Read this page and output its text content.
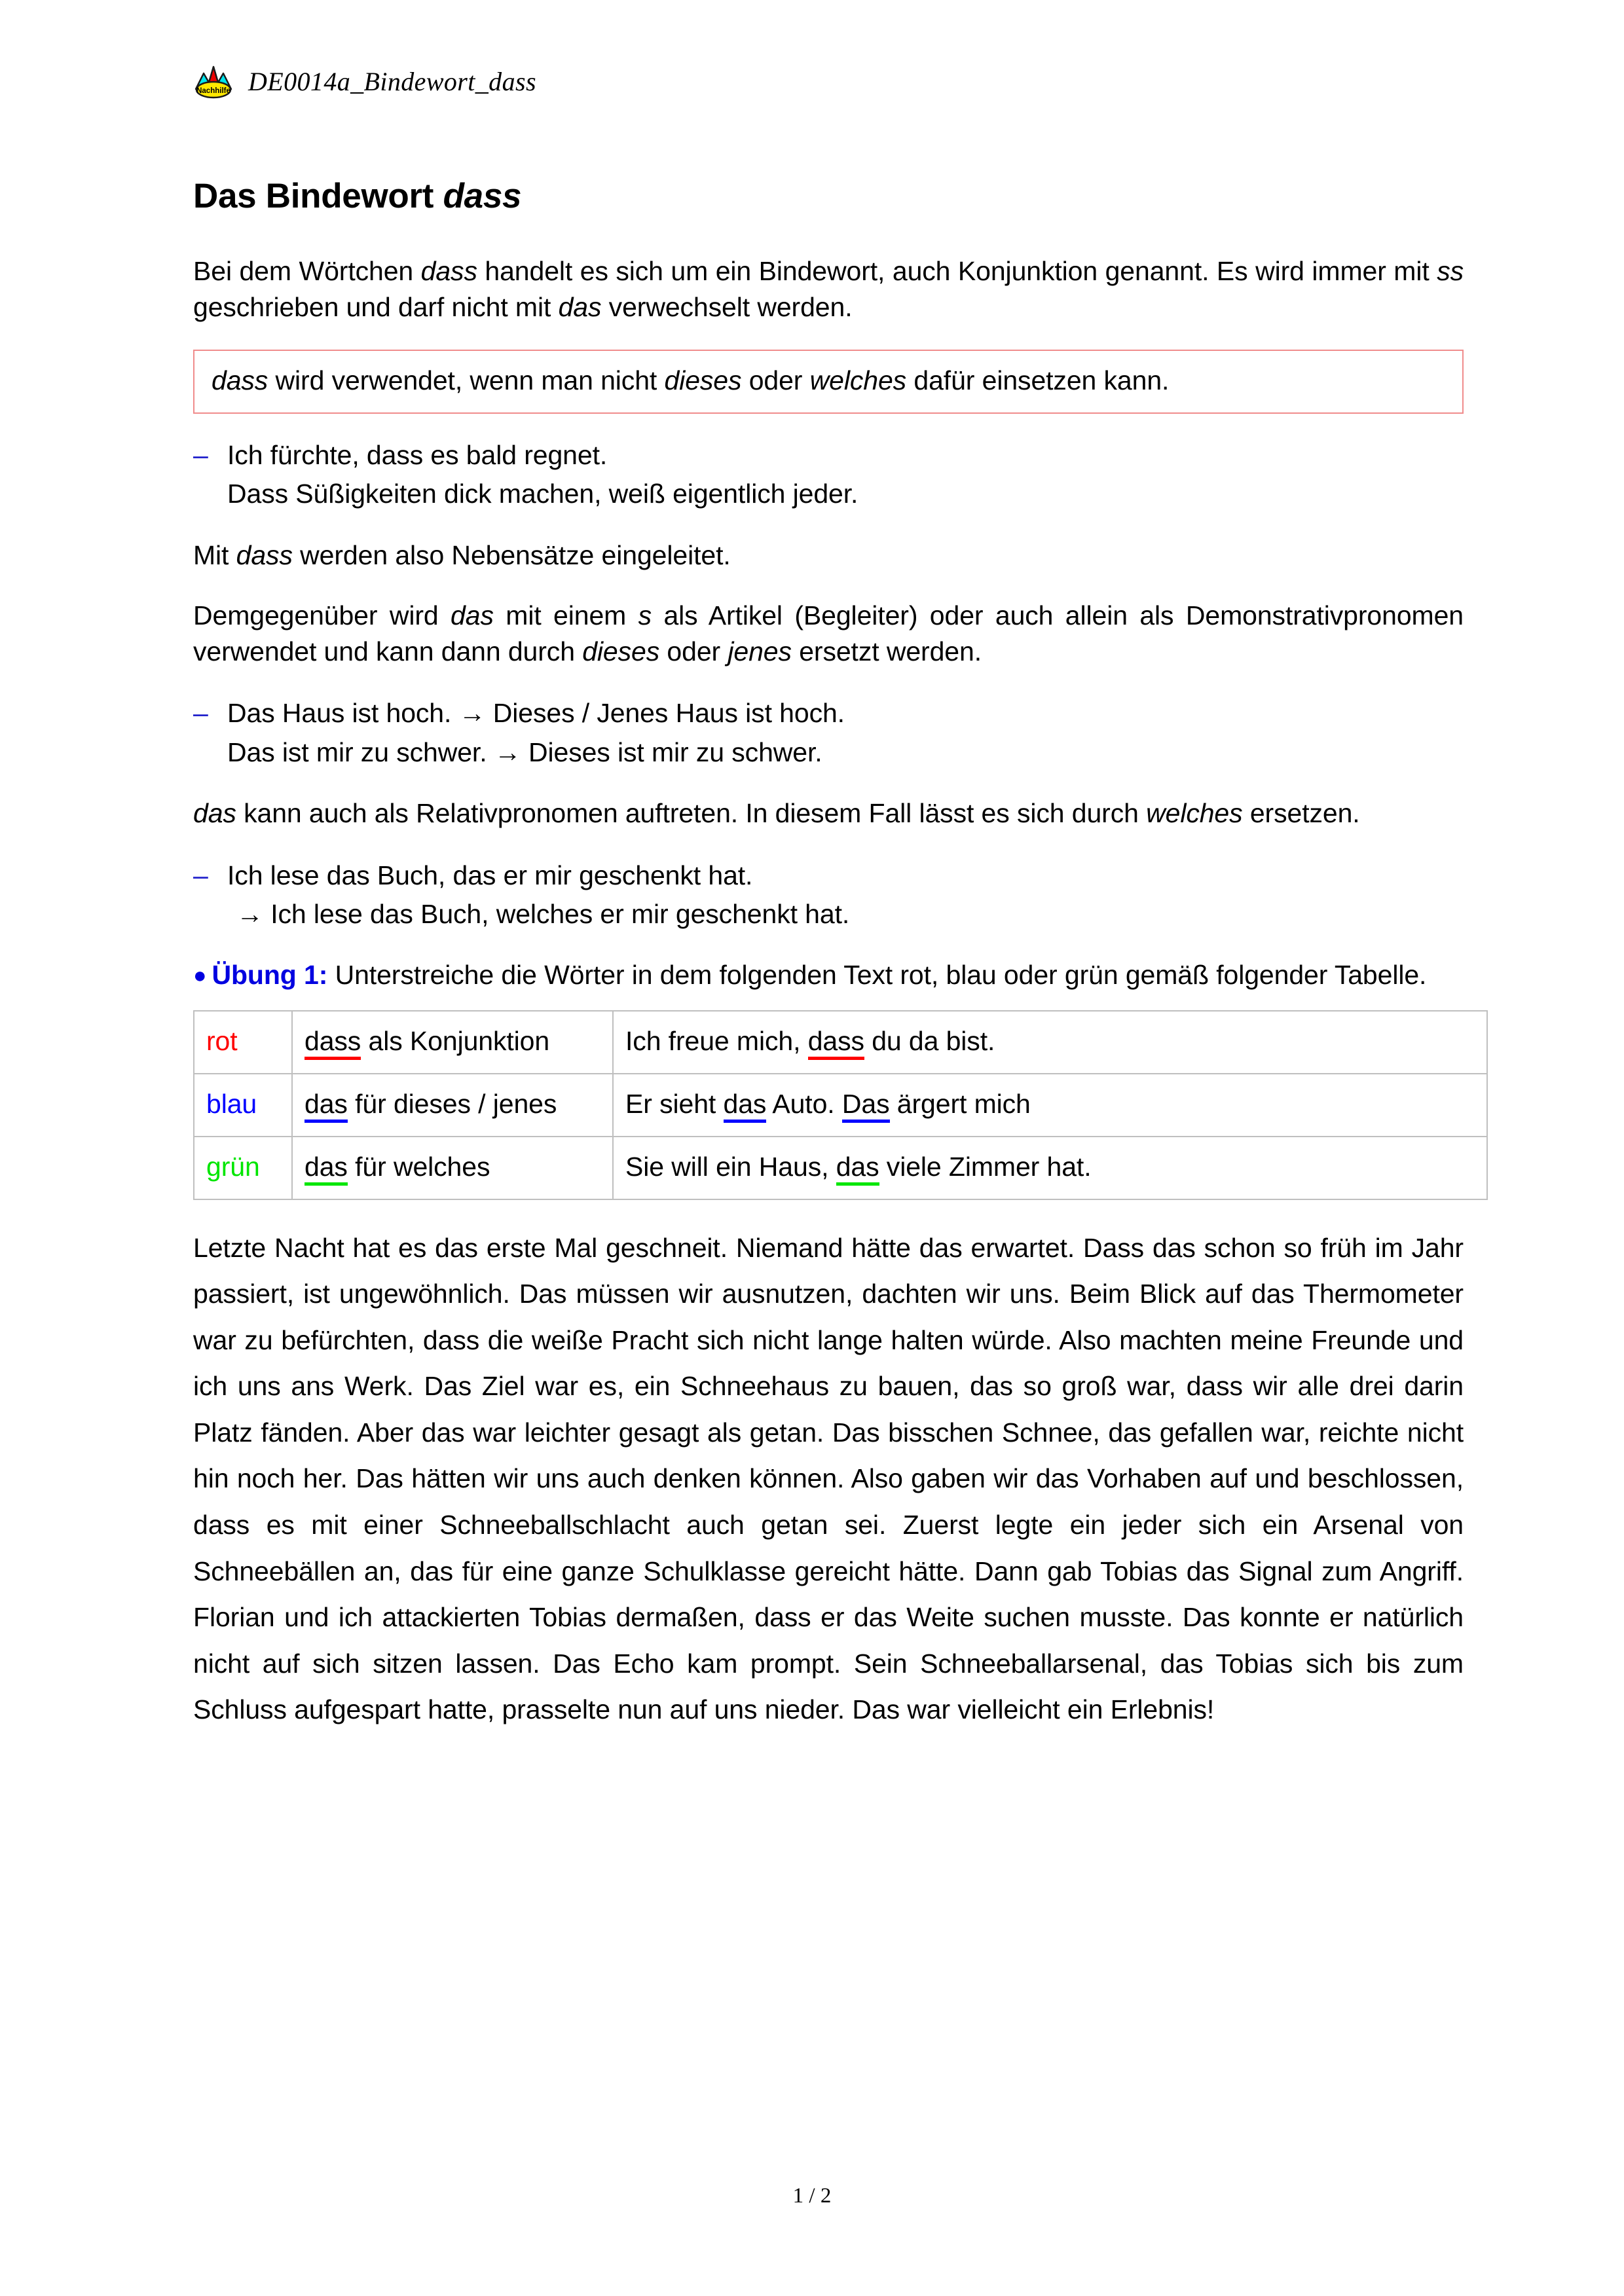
Nachhilfe DE0014a_Bindewort_dass
Das Bindewort dass

Bei dem Wörtchen dass handelt es sich um ein Bindewort, auch Konjunktion genannt. Es wird immer mit ss geschrieben und darf nicht mit das verwechselt werden.

dass wird verwendet, wenn man nicht dieses oder welches dafür einsetzen kann.
– Ich fürchte, dass es bald regnet.
Dass Süßigkeiten dick machen, weiß eigentlich jeder.

Mit dass werden also Nebensätze eingeleitet.

Demgegenüber wird das mit einem s als Artikel (Begleiter) oder auch allein als Demonstrativpronomen verwendet und kann dann durch dieses oder jenes ersetzt werden.

– Das Haus ist hoch. → Dieses / Jenes Haus ist hoch.
Das ist mir zu schwer. → Dieses ist mir zu schwer.

das kann auch als Relativpronomen auftreten. In diesem Fall lässt es sich durch welches ersetzen.

– Ich lese das Buch, das er mir geschenkt hat.
→ Ich lese das Buch, welches er mir geschenkt hat.

● Übung 1: Unterstreiche die Wörter in dem folgenden Text rot, blau oder grün gemäß folgender Tabelle.

rot	dass als Konjunktion	Ich freue mich, dass du da bist.
blau	das für dieses / jenes	Er sieht das Auto. Das ärgert mich
grün	das für welches	Sie will ein Haus, das viele Zimmer hat.

Letzte Nacht hat es das erste Mal geschneit. Niemand hätte das erwartet. Dass das schon so früh im Jahr passiert, ist ungewöhnlich. Das müssen wir ausnutzen, dachten wir uns. Beim Blick auf das Thermometer war zu befürchten, dass die weiße Pracht sich nicht lange halten würde. Also machten meine Freunde und ich uns ans Werk. Das Ziel war es, ein Schneehaus zu bauen, das so groß war, dass wir alle drei darin Platz fänden. Aber das war leichter gesagt als getan. Das bisschen Schnee, das gefallen war, reichte nicht hin noch her. Das hätten wir uns auch denken können. Also gaben wir das Vorhaben auf und beschlossen, dass es mit einer Schneeballschlacht auch getan sei. Zuerst legte ein jeder sich ein Arsenal von Schneebällen an, das für eine ganze Schulklasse gereicht hätte. Dann gab Tobias das Signal zum Angriff. Florian und ich attackierten Tobias dermaßen, dass er das Weite suchen musste. Das konnte er natürlich nicht auf sich sitzen lassen. Das Echo kam prompt. Sein Schneeballarsenal, das Tobias sich bis zum Schluss aufgespart hatte, prasselte nun auf uns nieder. Das war vielleicht ein Erlebnis!

1 / 2
